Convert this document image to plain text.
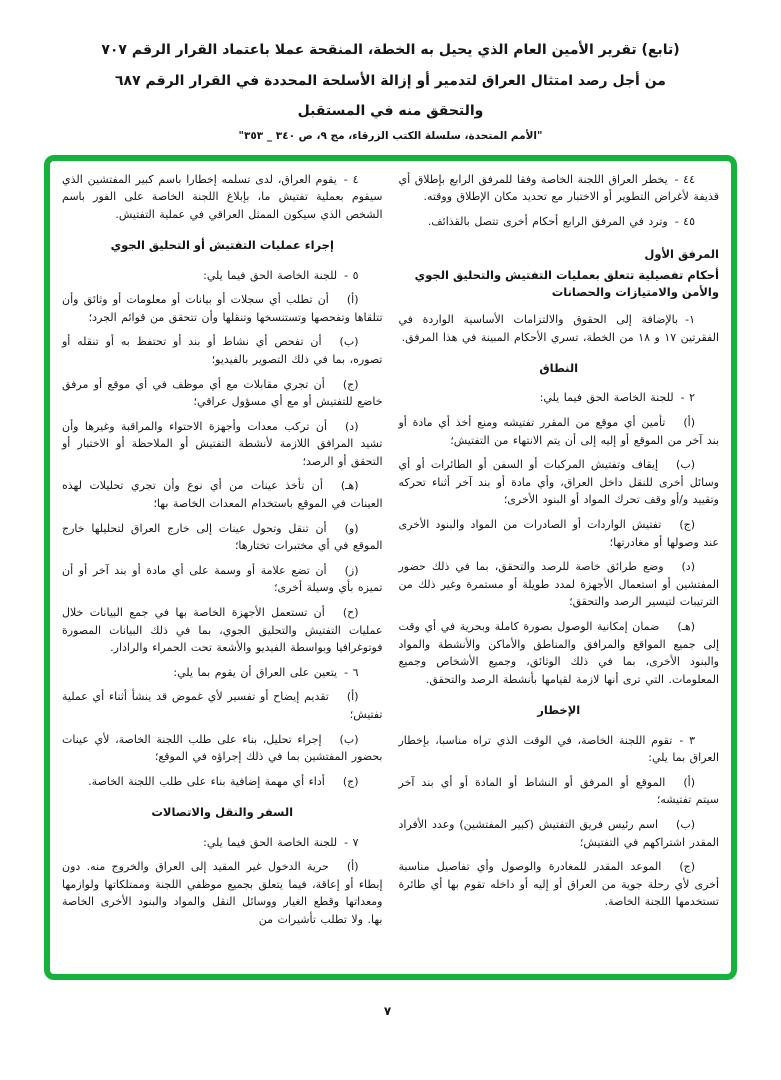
(تابع) تقرير الأمين العام الذي يحيل به الخطة، المنقحة عملا باعتماد القرار الرقم ٧٠٧
من أجل رصد امتثال العراق لتدمير أو إزالة الأسلحة المحددة في القرار الرقم ٦٨٧
والتحقق منه في المستقبل
"الأمم المتحدة، سلسلة الكتب الزرقاء، مج ٩، ص ٣٤٠ _ ٣٥٣"

٤٤ -يخطر العراق اللجنة الخاصة وفقا للمرفق الرابع بإطلاق أي قذيفة لأغراض التطوير أو الاختبار مع تحديد مكان الإطلاق ووقته.

٤٥ -وترد في المرفق الرابع أحكام أخرى تتصل بالقذائف.

المرفق الأول

أحكام تفصيلية تتعلق بعمليات التفتيش والتحليق الجوي والأمن والامتيازات والحصانات

١-بالإضافة إلى الحقوق والالتزامات الأساسية الواردة في الفقرتين ١٧ و ١٨ من الخطة، تسري الأحكام المبينة في هذا المرفق.

النطاق

٢ -للجنة الخاصة الحق فيما يلي:

(أ)تأمين أي موقع من المقرر تفتيشه ومنع أخذ أي مادة أو بند آخر من الموقع أو إليه إلى أن يتم الانتهاء من التفتيش؛

(ب)إيقاف وتفتيش المركبات أو السفن أو الطائرات أو أي وسائل أخرى للنقل داخل العراق، وأي مادة أو بند آخر أثناء تحركه وتقييد و/أو وقف تحرك المواد أو البنود الأخرى؛

(ج)تفتيش الواردات أو الصادرات من المواد والبنود الأخرى عند وصولها أو مغادرتها؛

(د)وضع طرائق خاصة للرصد والتحقق، بما في ذلك حضور المفتشين أو استعمال الأجهزة لمدد طويلة أو مستمرة وغير ذلك من الترتيبات لتيسير الرصد والتحقق؛

(هـ)ضمان إمكانية الوصول بصورة كاملة وبحرية في أي وقت إلى جميع المواقع والمرافق والمناطق والأماكن والأنشطة والمواد والبنود الأخرى، بما في ذلك الوثائق، وجميع الأشخاص وجميع المعلومات. التي ترى أنها لازمة لقيامها بأنشطة الرصد والتحقق.

الإخطار

٣ -تقوم اللجنة الخاصة، في الوقت الذي تراه مناسبا، بإخطار العراق بما يلي:

(أ)الموقع أو المرفق أو النشاط أو المادة أو أي بند آخر سيتم تفتيشه؛

(ب)اسم رئيس فريق التفتيش (كبير المفتشين) وعدد الأفراد المقدر اشتراكهم في التفتيش؛

(ج)الموعد المقدر للمغادرة والوصول وأي تفاصيل مناسبة أخرى لأي رحلة جوية من العراق أو إليه أو داخله تقوم بها أي طائرة تستخدمها اللجنة الخاصة.

٤ -يقوم العراق، لدى تسلمه إخطارا باسم كبير المفتشين الذي سيقوم بعملية تفتيش ما، بإبلاغ اللجنة الخاصة على الفور باسم الشخص الذي سيكون الممثل العراقي في عملية التفتيش.

إجراء عمليات التفتيش أو التحليق الجوي

٥ -للجنة الخاصة الحق فيما يلي:

(أ)أن تطلب أي سجلات أو بيانات أو معلومات أو وثائق وأن تتلقاها وتفحصها وتستنسخها وتنقلها وأن تتحقق من قوائم الجرد؛

(ب)أن تفحص أي نشاط أو بند أو تحتفظ به أو تنقله أو تصوره، بما في ذلك التصوير بالفيديو؛

(ج)أن تجري مقابلات مع أي موظف في أي موقع أو مرفق خاضع للتفتيش أو مع أي مسؤول عراقي؛

(د)أن تركب معدات وأجهزة الاحتواء والمراقبة وغيرها وأن تشيد المرافق اللازمة لأنشطة التفتيش أو الملاحظة أو الاختبار أو التحقق أو الرصد؛

(هـ)أن تأخذ عينات من أي نوع وأن تجري تحليلات لهذه العينات في الموقع باستخدام المعدات الخاصة بها؛

(و)أن تنقل وتحول عينات إلى خارج العراق لتحليلها خارج الموقع في أي مختبرات تختارها؛

(ز)أن تضع علامة أو وسمة على أي مادة أو بند آخر أو أن تميزه بأي وسيلة أخرى؛

(ح)أن تستعمل الأجهزة الخاصة بها في جمع البيانات خلال عمليات التفتيش والتحليق الجوي، بما في ذلك البيانات المصورة فوتوغرافيا وبواسطة الفيديو والأشعة تحت الحمراء والرادار.

٦ -يتعين على العراق أن يقوم بما يلي:

(أ)تقديم إيضاح أو تفسير لأي غموض قد ينشأ أثناء أي عملية تفتيش؛

(ب)إجراء تحليل، بناء على طلب اللجنة الخاصة، لأي عينات بحضور المفتشين بما في ذلك إجراؤه في الموقع؛

(ج)أداء أي مهمة إضافية بناء على طلب اللجنة الخاصة.

السفر والنقل والاتصالات

٧ -للجنة الخاصة الحق فيما يلي:

(أ)حرية الدخول غير المقيد إلى العراق والخروج منه. دون إبطاء أو إعاقة، فيما يتعلق بجميع موظفي اللجنة وممتلكاتها ولوازمها ومعداتها وقطع الغيار ووسائل النقل والمواد والبنود الأخرى الخاصة بها. ولا تطلب تأشيرات من

٧
